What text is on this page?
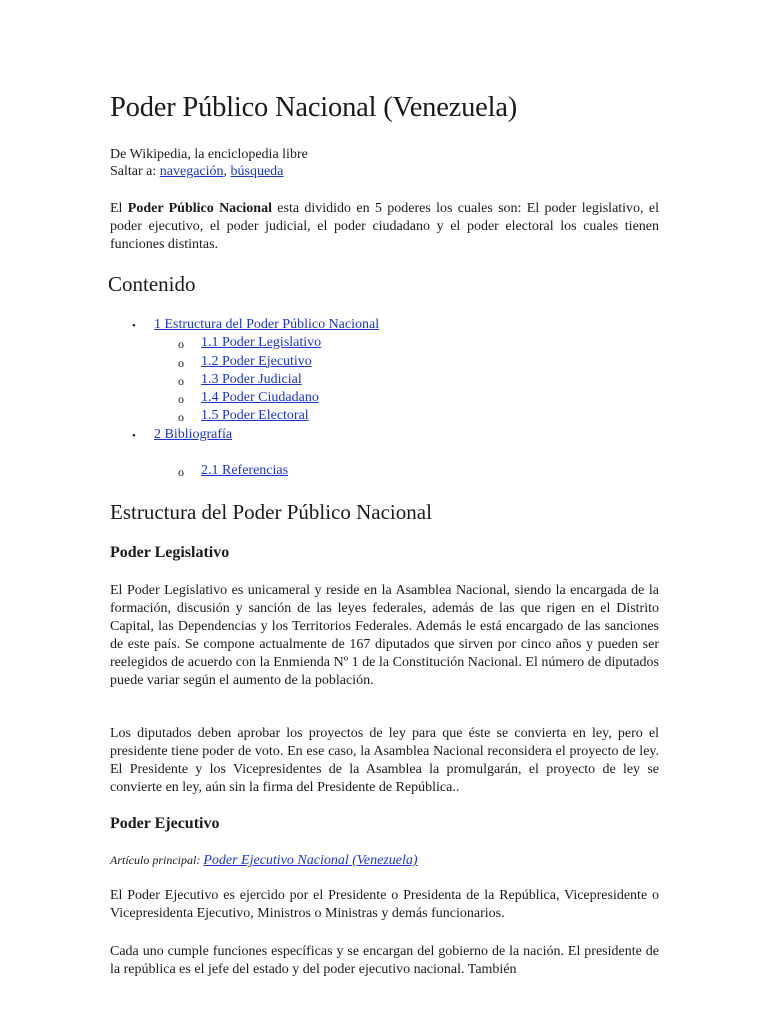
Poder Público Nacional (Venezuela)
De Wikipedia, la enciclopedia libre
Saltar a: navegación, búsqueda

El Poder Público Nacional esta dividido en 5 poderes los cuales son: El poder legislativo, el poder ejecutivo, el poder judicial, el poder ciudadano y el poder electoral los cuales tienen funciones distintas.

Contenido
• 1 Estructura del Poder Público Nacional
o 1.1 Poder Legislativo
o 1.2 Poder Ejecutivo
o 1.3 Poder Judicial
o 1.4 Poder Ciudadano
o 1.5 Poder Electoral
• 2 Bibliografía
o 2.1 Referencias
Estructura del Poder Público Nacional
Poder Legislativo

El Poder Legislativo es unicameral y reside en la Asamblea Nacional, siendo la encargada de la formación, discusión y sanción de las leyes federales, además de las que rigen en el Distrito Capital, las Dependencias y los Territorios Federales. Además le está encargado de las sanciones de este país. Se compone actualmente de 167 diputados que sirven por cinco años y pueden ser reelegidos de acuerdo con la Enmienda Nº 1 de la Constitución Nacional. El número de diputados puede variar según el aumento de la población.

Los diputados deben aprobar los proyectos de ley para que éste se convierta en ley, pero el presidente tiene poder de voto. En ese caso, la Asamblea Nacional reconsidera el proyecto de ley. El Presidente y los Vicepresidentes de la Asamblea la promulgarán, el proyecto de ley se convierte en ley, aún sin la firma del Presidente de República..

Poder Ejecutivo
Artículo principal: Poder Ejecutivo Nacional (Venezuela)

El Poder Ejecutivo es ejercido por el Presidente o Presidenta de la República, Vicepresidente o Vicepresidenta Ejecutivo, Ministros o Ministras y demás funcionarios.

Cada uno cumple funciones específicas y se encargan del gobierno de la nación. El presidente de la república es el jefe del estado y del poder ejecutivo nacional. También
